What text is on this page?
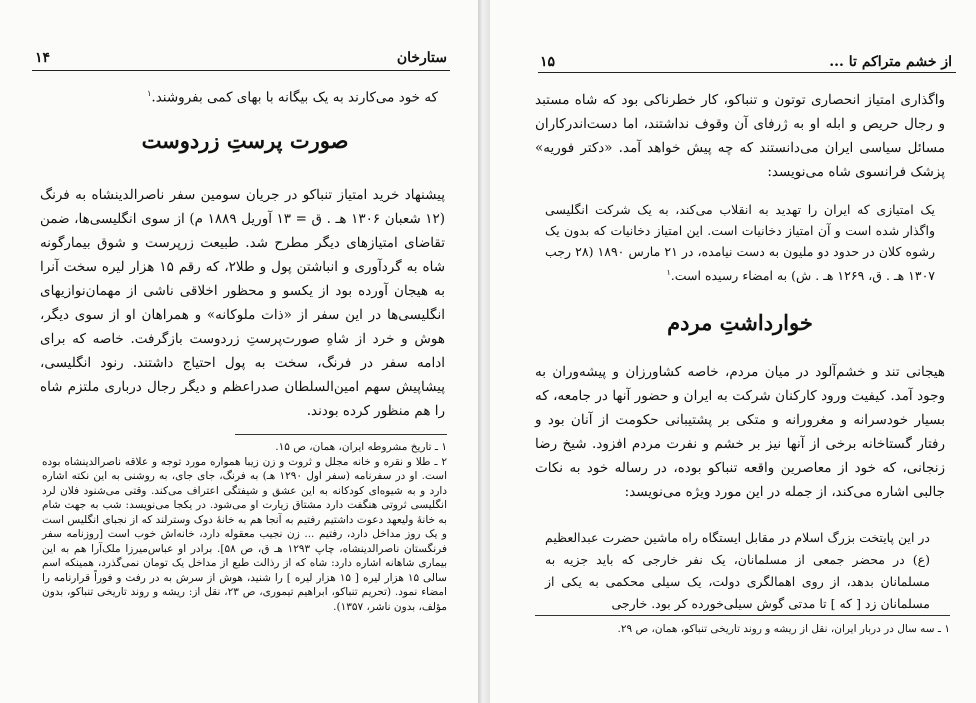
ستارخان
۱۴

که خود می‌کارند به یک بیگانه با بهای کمی بفروشند.$^۱$

صورت پرستِ زردوست

پیشنهاد خرید امتیاز تنباکو در جریان سومین سفر ناصرالدینشاه به فرنگ (۱۲ شعبان ۱۳۰۶ هـ . ق = ۱۳ آوریل ۱۸۸۹ م) از سوی انگلیسی‌ها، ضمن تقاضای امتیازهای دیگر مطرح شد. طبیعت زرپرست و شوق بیمارگونه شاه به گردآوری و انباشتن پول و طلا۲، که رقم ۱۵ هزار لیره سخت آنرا به هیجان آورده بود از یکسو و محظور اخلاقی ناشی از مهمان‌نوازیهای انگلیسی‌ها در این سفر از «ذات ملوکانه» و همراهان او از سوی دیگر، هوش و خرد از شاهِ صورت‌پرستِ زردوست بازگرفت. خاصه که برای ادامه سفر در فرنگ، سخت به پول احتیاج داشتند. رنود انگلیسی، پیشاپیش سهم امین‌السلطان صدراعظم و دیگر رجال درباری ملتزم شاه را هم منظور کرده بودند.

۱ ـ تاریخ مشروطه ایران، همان، ص ۱۵.

۲ ـ طلا و نقره و خانه مجلل و ثروت و زن زیبا همواره مورد توجه و علاقه ناصرالدینشاه بوده است. او در سفرنامه (سفر اول ۱۲۹۰ هـ) به فرنگ، جای جای، به روشنی به این نکته اشاره دارد و به شیوه‌ای کودکانه به این عشق و شیفتگی اعتراف می‌کند. وقتی می‌شنود فلان لرد انگلیسی ثروتی هنگفت دارد مشتاق زیارت او می‌شود. در یکجا می‌نویسد: شب به جهت شام به خانهٔ ولیعهد دعوت داشتیم رفتیم به آنجا هم به خانهٔ دوک وسترلند که از نجبای انگلیس است و یک روز مداخل دارد، رفتیم ... زن نجیب معقوله دارد، خانه‌اش خوب است [روزنامه سفر فرنگستان ناصرالدینشاه، چاپ ۱۲۹۳ هـ ق، ص ۵۸]. برادر او عباس‌میرزا ملک‌آرا هم به این بیماری شاهانه اشاره دارد: شاه که از رذالت طبع از مداخل یک تومان نمی‌گذرد، همینکه اسم سالی ۱۵ هزار لیره [ ۱۵ هزار لیره ] را شنید، هوش از سرش به در رفت و فوراً قرارنامه را امضاء نمود. (تحریم تنباکو، ابراهیم تیموری، ص ۲۳، نقل از: ریشه و روند تاریخی تنباکو، بدون مؤلف، بدون ناشر، ۱۳۵۷).

از خشم متراکم تا ...
۱۵

واگذاری امتیاز انحصاری توتون و تنباکو، کار خطرناکی بود که شاه مستبد و رجال حریص و ابله او به ژرفای آن وقوف نداشتند، اما دست‌اندرکاران مسائل سیاسی ایران می‌دانستند که چه پیش خواهد آمد. «دکتر فوریه» پزشک فرانسوی شاه می‌نویسد:

یک امتیازی که ایران را تهدید به انقلاب می‌کند، به یک شرکت انگلیسی واگذار شده است و آن امتیاز دخانیات است. این امتیاز دخانیات که بدون یک رشوه کلان در حدود دو ملیون به دست نیامده، در ۲۱ مارس ۱۸۹۰ (۲۸ رجب ۱۳۰۷ هـ . ق، ۱۲۶۹ هـ . ش) به امضاء رسیده است.$^۱$

خوارداشتِ مردم

هیجانی تند و خشم‌آلود در میان مردم، خاصه کشاورزان و پیشه‌وران به وجود آمد. کیفیت ورود کارکنان شرکت به ایران و حضور آنها در جامعه، که بسیار خودسرانه و مغرورانه و متکی بر پشتیبانی حکومت از آنان بود و رفتار گستاخانه برخی از آنها نیز بر خشم و نفرت مردم افزود. شیخ رضا زنجانی، که خود از معاصرین واقعه تنباکو بوده، در رساله خود به نکات جالبی اشاره می‌کند، از جمله در این مورد ویژه می‌نویسد:

در این پایتخت بزرگ اسلام در مقابل ایستگاه راه ماشین حضرت عبدالعظیم (ع) در محضر جمعی از مسلمانان، یک نفر خارجی که باید جزیه به مسلمانان بدهد، از روی اهمالگری دولت، یک سیلی محکمی به یکی از مسلمانان زد [ که ] تا مدتی گوش سیلی‌خورده کر بود. خارجی

۱ ـ سه سال در دربار ایران، نقل از ریشه و روند تاریخی تنباکو، همان، ص ۲۹.
